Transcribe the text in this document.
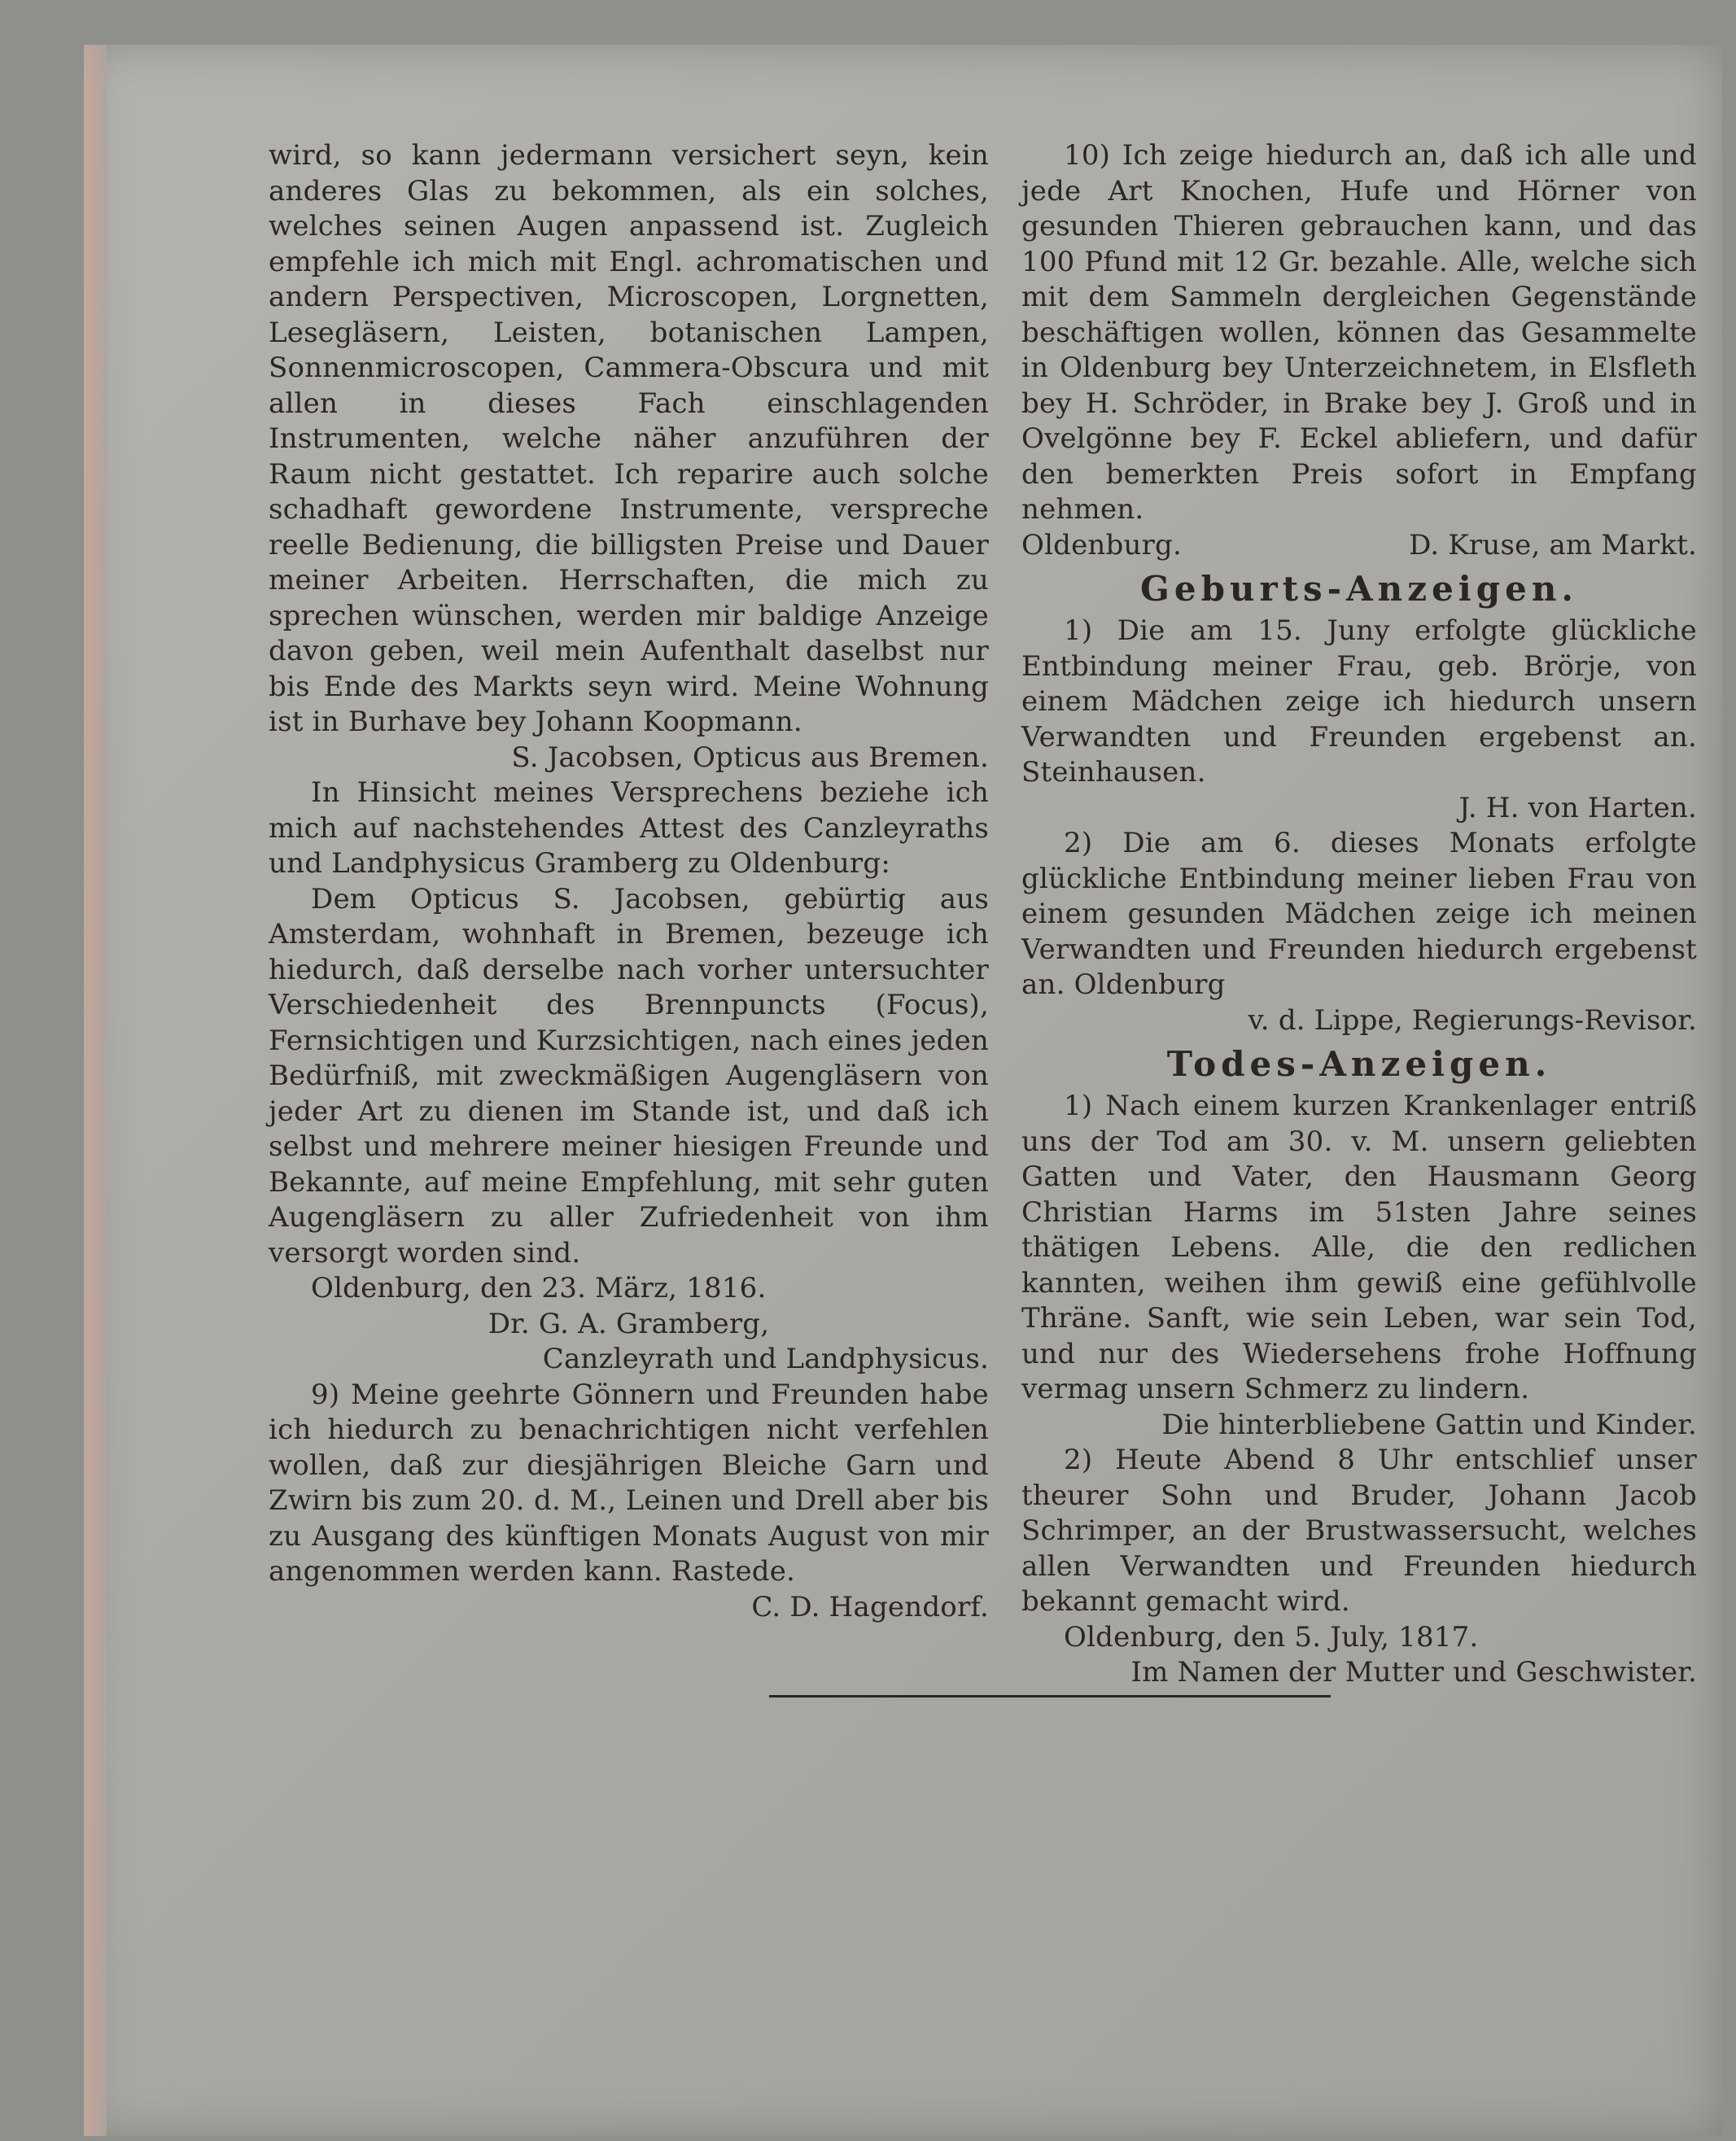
wird, so kann jedermann versichert seyn, kein anderes Glas zu bekommen, als ein solches, welches seinen Augen anpassend ist. Zugleich empfehle ich mich mit Engl. achromatischen und andern Perspectiven, Microscopen, Lorgnetten, Lesegläsern, Leisten, botanischen Lampen, Sonnenmicroscopen, Cammera-Obscura und mit allen in dieses Fach einschlagenden Instrumenten, welche näher anzuführen der Raum nicht gestattet. Ich reparire auch solche schadhaft gewordene Instrumente, verspreche reelle Bedienung, die billigsten Preise und Dauer meiner Arbeiten. Herrschaften, die mich zu sprechen wünschen, werden mir baldige Anzeige davon geben, weil mein Aufenthalt daselbst nur bis Ende des Markts seyn wird. Meine Wohnung ist in Burhave bey Johann Koopmann.

S. Jacobsen, Opticus aus Bremen.

In Hinsicht meines Versprechens beziehe ich mich auf nachstehendes Attest des Canzleyraths und Landphysicus Gramberg zu Oldenburg:

Dem Opticus S. Jacobsen, gebürtig aus Amsterdam, wohnhaft in Bremen, bezeuge ich hiedurch, daß derselbe nach vorher untersuchter Verschiedenheit des Brennpuncts (Focus), Fernsichtigen und Kurzsichtigen, nach eines jeden Bedürfniß, mit zweckmäßigen Augengläsern von jeder Art zu dienen im Stande ist, und daß ich selbst und mehrere meiner hiesigen Freunde und Bekannte, auf meine Empfehlung, mit sehr guten Augengläsern zu aller Zufriedenheit von ihm versorgt worden sind.

Oldenburg, den 23. März, 1816.

Dr. G. A. Gramberg,

Canzleyrath und Landphysicus.

9) Meine geehrte Gönnern und Freunden habe ich hiedurch zu benachrichtigen nicht verfehlen wollen, daß zur diesjährigen Bleiche Garn und Zwirn bis zum 20. d. M., Leinen und Drell aber bis zu Ausgang des künftigen Monats August von mir angenommen werden kann. Rastede.

C. D. Hagendorf.

10) Ich zeige hiedurch an, daß ich alle und jede Art Knochen, Hufe und Hörner von gesunden Thieren gebrauchen kann, und das 100 Pfund mit 12 Gr. bezahle. Alle, welche sich mit dem Sammeln dergleichen Gegenstände beschäftigen wollen, können das Gesammelte in Oldenburg bey Unterzeichnetem, in Elsfleth bey H. Schröder, in Brake bey J. Groß und in Ovelgönne bey F. Eckel abliefern, und dafür den bemerkten Preis sofort in Empfang nehmen.

Oldenburg.	D. Kruse, am Markt.

Geburts-Anzeigen.

1) Die am 15. Juny erfolgte glückliche Entbindung meiner Frau, geb. Brörje, von einem Mädchen zeige ich hiedurch unsern Verwandten und Freunden ergebenst an. Steinhausen.

J. H. von Harten.

2) Die am 6. dieses Monats erfolgte glückliche Entbindung meiner lieben Frau von einem gesunden Mädchen zeige ich meinen Verwandten und Freunden hiedurch ergebenst an. Oldenburg

v. d. Lippe, Regierungs-Revisor.

Todes-Anzeigen.

1) Nach einem kurzen Krankenlager entriß uns der Tod am 30. v. M. unsern geliebten Gatten und Vater, den Hausmann Georg Christian Harms im 51sten Jahre seines thätigen Lebens. Alle, die den redlichen kannten, weihen ihm gewiß eine gefühlvolle Thräne. Sanft, wie sein Leben, war sein Tod, und nur des Wiedersehens frohe Hoffnung vermag unsern Schmerz zu lindern.

Die hinterbliebene Gattin und Kinder.

2) Heute Abend 8 Uhr entschlief unser theurer Sohn und Bruder, Johann Jacob Schrimper, an der Brustwassersucht, welches allen Verwandten und Freunden hiedurch bekannt gemacht wird.

Oldenburg, den 5. July, 1817.

Im Namen der Mutter und Geschwister.
